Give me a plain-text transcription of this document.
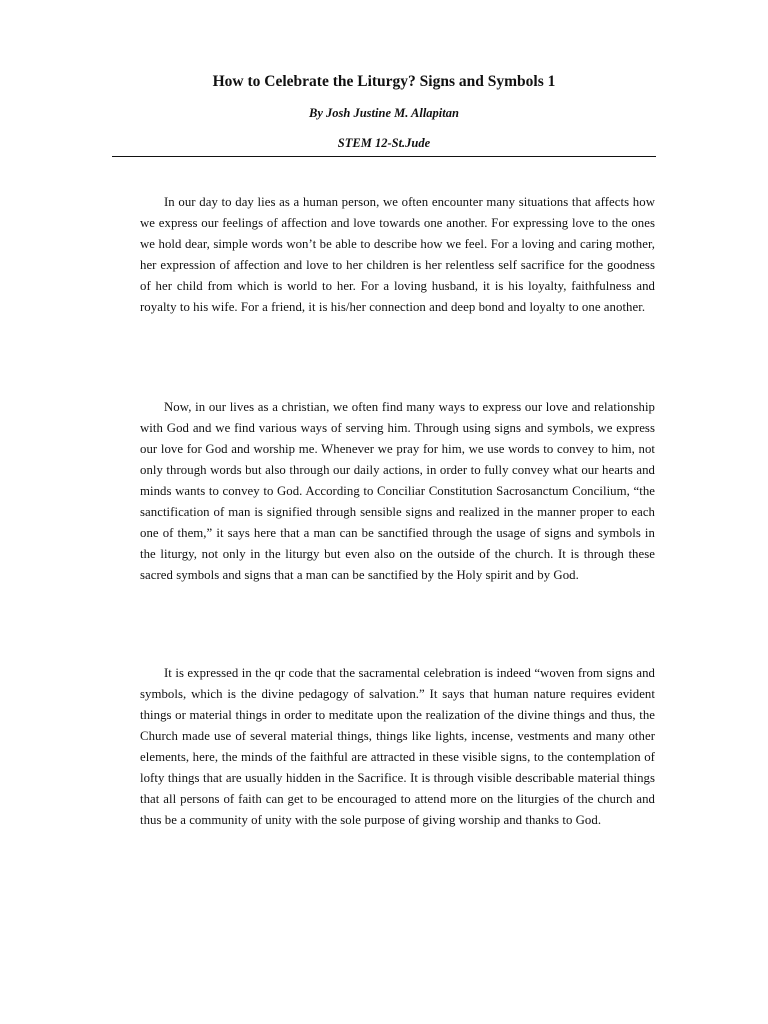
How to Celebrate the Liturgy? Signs and Symbols 1
By Josh Justine M. Allapitan
STEM 12-St.Jude

In our day to day lies as a human person, we often encounter many situations that affects how we express our feelings of affection and love towards one another. For expressing love to the ones we hold dear, simple words won’t be able to describe how we feel. For a loving and caring mother, her expression of affection and love to her children is her relentless self sacrifice for the goodness of her child from which is world to her. For a loving husband, it is his loyalty, faithfulness and royalty to his wife. For a friend, it is his/her connection and deep bond and loyalty to one another.

Now, in our lives as a christian, we often find many ways to express our love and relationship with God and we find various ways of serving him. Through using signs and symbols, we express our love for God and worship me. Whenever we pray for him, we use words to convey to him, not only through words but also through our daily actions, in order to fully convey what our hearts and minds wants to convey to God. According to Conciliar Constitution Sacrosanctum Concilium, “the sanctification of man is signified through sensible signs and realized in the manner proper to each one of them,” it says here that a man can be sanctified through the usage of signs and symbols in the liturgy, not only in the liturgy but even also on the outside of the church. It is through these sacred symbols and signs that a man can be sanctified by the Holy spirit and by God.

It is expressed in the qr code that the sacramental celebration is indeed “woven from signs and symbols, which is the divine pedagogy of salvation.” It says that human nature requires evident things or material things in order to meditate upon the realization of the divine things and thus, the Church made use of several material things, things like lights, incense, vestments and many other elements, here, the minds of the faithful are attracted in these visible signs, to the contemplation of lofty things that are usually hidden in the Sacrifice. It is through visible describable material things that all persons of faith can get to be encouraged to attend more on the liturgies of the church and thus be a community of unity with the sole purpose of giving worship and thanks to God.
